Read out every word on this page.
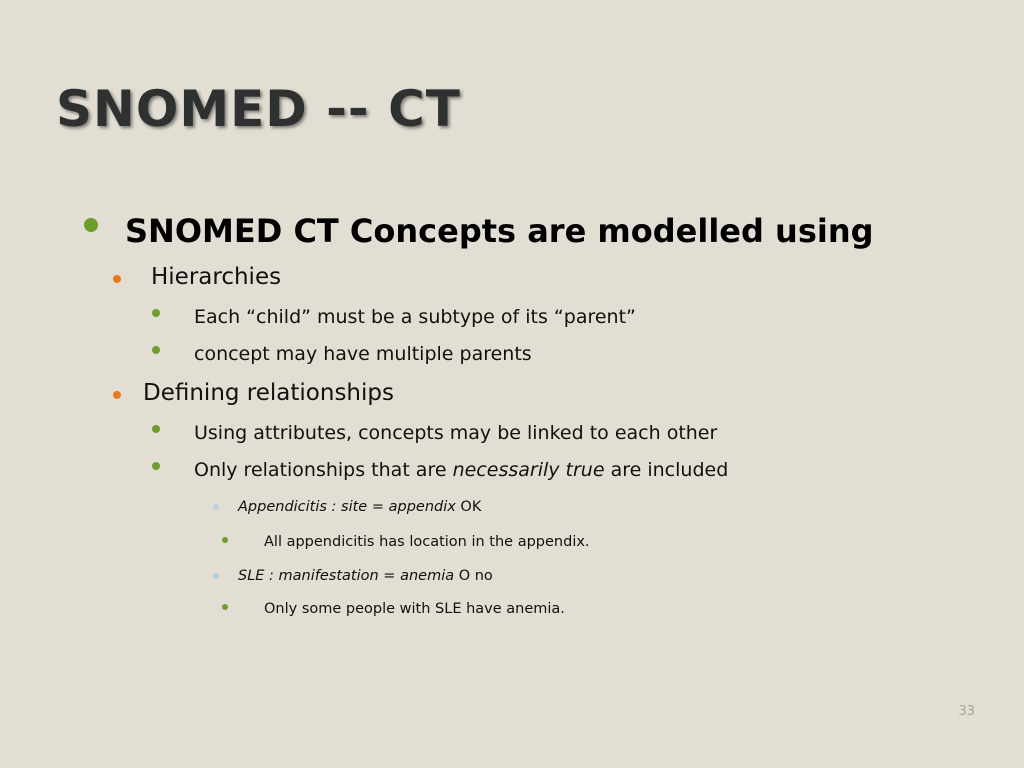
SNOMED -- CT
SNOMED CT Concepts are modelled using
Hierarchies
Each “child” must be a subtype of its “parent”
concept may have multiple parents
Defining relationships
Using attributes, concepts may be linked to each other
Only relationships that are necessarily true are included
Appendicitis : site = appendix OK
All appendicitis has location in the appendix.
SLE : manifestation = anemia O no
Only some people with SLE have anemia.
33
